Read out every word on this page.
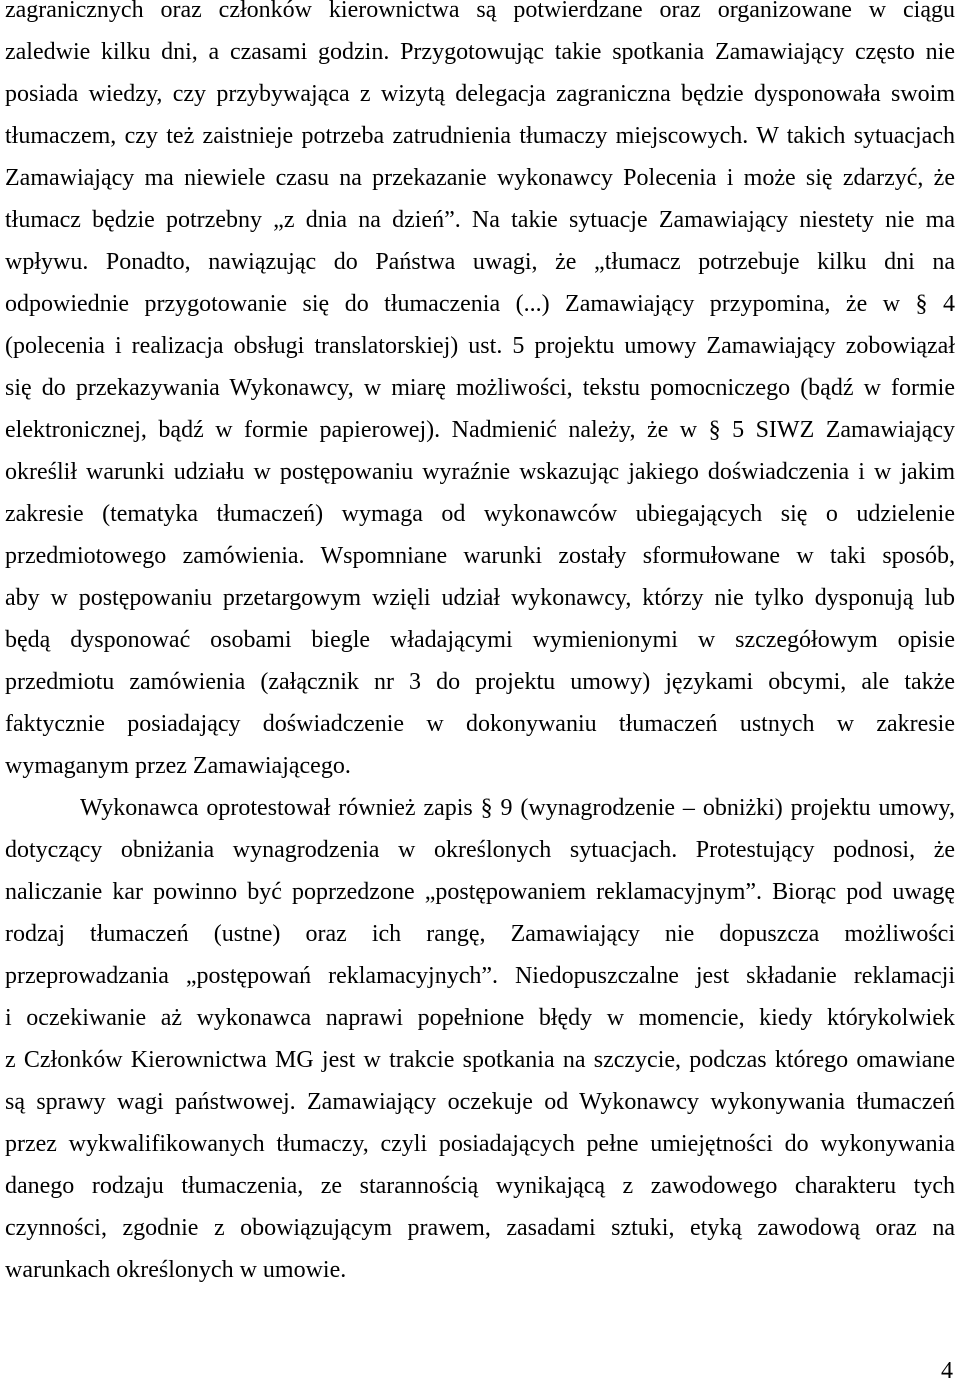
zagranicznych oraz członków kierownictwa są potwierdzane oraz organizowane w ciągu
zaledwie kilku dni, a czasami godzin. Przygotowując takie spotkania Zamawiający często nie
posiada wiedzy, czy przybywająca z wizytą delegacja zagraniczna będzie dysponowała swoim
tłumaczem, czy też zaistnieje potrzeba zatrudnienia tłumaczy miejscowych. W takich sytuacjach
Zamawiający ma niewiele czasu na przekazanie wykonawcy Polecenia i może się zdarzyć, że
tłumacz będzie potrzebny „z dnia na dzień”. Na takie sytuacje Zamawiający niestety nie ma
wpływu. Ponadto, nawiązując do Państwa uwagi, że „tłumacz potrzebuje kilku dni na
odpowiednie przygotowanie się do tłumaczenia (...) Zamawiający przypomina, że w § 4
(polecenia i realizacja obsługi translatorskiej) ust. 5 projektu umowy Zamawiający zobowiązał
się do przekazywania Wykonawcy, w miarę możliwości, tekstu pomocniczego (bądź w formie
elektronicznej, bądź w formie papierowej). Nadmienić należy, że w § 5 SIWZ Zamawiający
określił warunki udziału w postępowaniu wyraźnie wskazując jakiego doświadczenia i w jakim
zakresie (tematyka tłumaczeń) wymaga od wykonawców ubiegających się o udzielenie
przedmiotowego zamówienia. Wspomniane warunki zostały sformułowane w taki sposób,
aby w postępowaniu przetargowym wzięli udział wykonawcy, którzy nie tylko dysponują lub
będą dysponować osobami biegle władającymi wymienionymi w szczegółowym opisie
przedmiotu zamówienia (załącznik nr 3 do projektu umowy) językami obcymi, ale także
faktycznie posiadający doświadczenie w dokonywaniu tłumaczeń ustnych w zakresie
wymaganym przez Zamawiającego.
Wykonawca oprotestował również zapis § 9 (wynagrodzenie – obniżki) projektu umowy,
dotyczący obniżania wynagrodzenia w określonych sytuacjach. Protestujący podnosi, że
naliczanie kar powinno być poprzedzone „postępowaniem reklamacyjnym”. Biorąc pod uwagę
rodzaj tłumaczeń (ustne) oraz ich rangę, Zamawiający nie dopuszcza możliwości
przeprowadzania „postępowań reklamacyjnych”. Niedopuszczalne jest składanie reklamacji
i oczekiwanie aż wykonawca naprawi popełnione błędy w momencie, kiedy którykolwiek
z Członków Kierownictwa MG jest w trakcie spotkania na szczycie, podczas którego omawiane
są sprawy wagi państwowej. Zamawiający oczekuje od Wykonawcy wykonywania tłumaczeń
przez wykwalifikowanych tłumaczy, czyli posiadających pełne umiejętności do wykonywania
danego rodzaju tłumaczenia, ze starannością wynikającą z zawodowego charakteru tych
czynności, zgodnie z obowiązującym prawem, zasadami sztuki, etyką zawodową oraz na
warunkach określonych w umowie.
4
